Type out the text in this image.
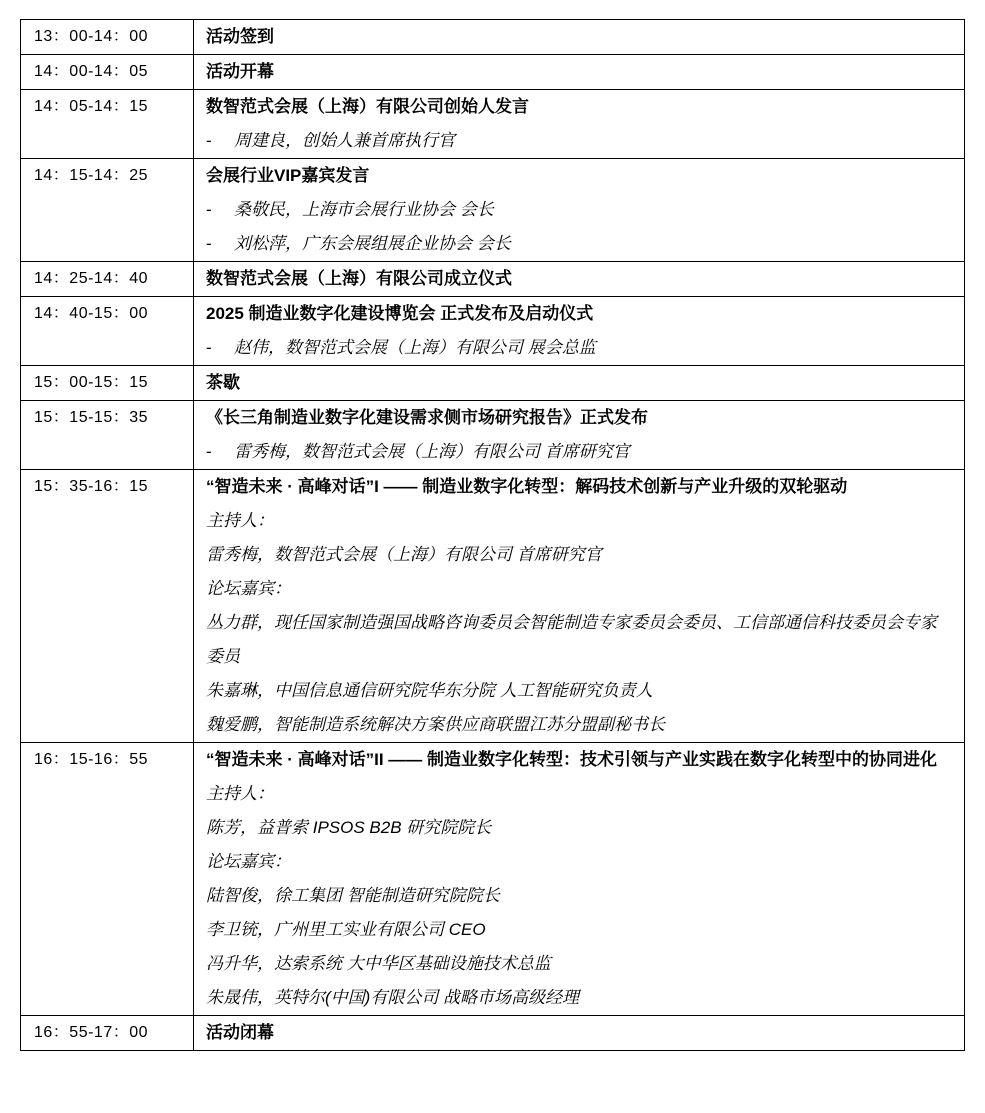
13：00-14：00	活动签到

14：00-14：05	活动开幕

14：05-14：15	数智范式会展（上海）有限公司创始人发言
- 周建良，创始人兼首席执行官

14：15-14：25	会展行业VIP嘉宾发言
- 桑敬民，上海市会展行业协会 会长
- 刘松萍，广东会展组展企业协会 会长

14：25-14：40	数智范式会展（上海）有限公司成立仪式

14：40-15：00	2025 制造业数字化建设博览会 正式发布及启动仪式
- 赵伟，数智范式会展（上海）有限公司 展会总监

15：00-15：15	茶歇

15：15-15：35	《长三角制造业数字化建设需求侧市场研究报告》正式发布
- 雷秀梅，数智范式会展（上海）有限公司 首席研究官

15：35-16：15	“智造未来 · 高峰对话”I —— 制造业数字化转型：解码技术创新与产业升级的双轮驱动
主持人：
雷秀梅，数智范式会展（上海）有限公司 首席研究官
论坛嘉宾：
丛力群，现任国家制造强国战略咨询委员会智能制造专家委员会委员、工信部通信科技委员会专家委员
朱嘉琳，中国信息通信研究院华东分院 人工智能研究负责人
魏爱鹏，智能制造系统解决方案供应商联盟江苏分盟副秘书长

16：15-16：55	“智造未来 · 高峰对话”II —— 制造业数字化转型：技术引领与产业实践在数字化转型中的协同进化
主持人：
陈芳，益普索 IPSOS B2B 研究院院长
论坛嘉宾：
陆智俊，徐工集团 智能制造研究院院长
李卫铳，广州里工实业有限公司 CEO
冯升华，达索系统 大中华区基础设施技术总监
朱晟伟，英特尔(中国)有限公司 战略市场高级经理

16：55-17：00	活动闭幕
